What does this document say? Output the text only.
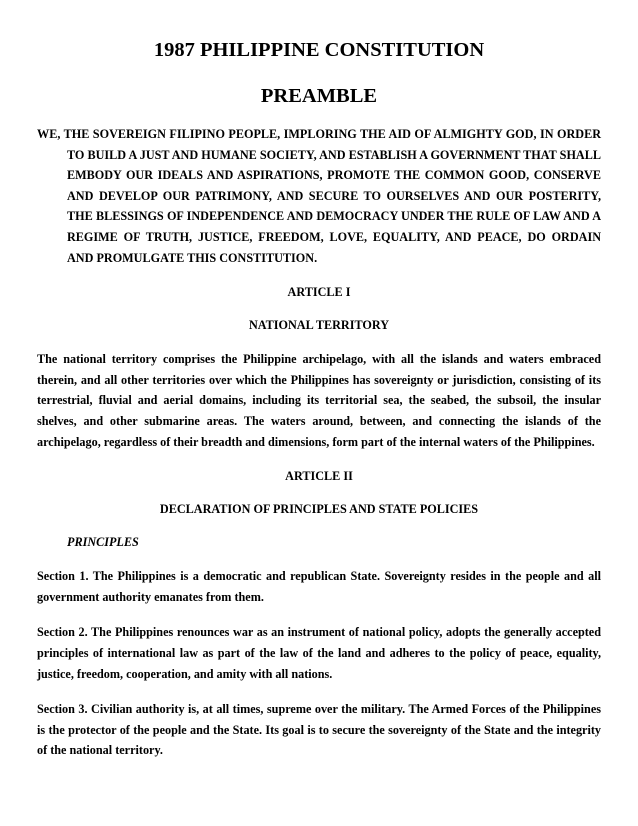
1987 PHILIPPINE CONSTITUTION
PREAMBLE

WE, THE SOVEREIGN FILIPINO PEOPLE, IMPLORING THE AID OF ALMIGHTY GOD, IN ORDER TO BUILD A JUST AND HUMANE SOCIETY, AND ESTABLISH A GOVERNMENT THAT SHALL EMBODY OUR IDEALS AND ASPIRATIONS, PROMOTE THE COMMON GOOD, CONSERVE AND DEVELOP OUR PATRIMONY, AND SECURE TO OURSELVES AND OUR POSTERITY, THE BLESSINGS OF INDEPENDENCE AND DEMOCRACY UNDER THE RULE OF LAW AND A REGIME OF TRUTH, JUSTICE, FREEDOM, LOVE, EQUALITY, AND PEACE, DO ORDAIN AND PROMULGATE THIS CONSTITUTION.

ARTICLE I
NATIONAL TERRITORY

The national territory comprises the Philippine archipelago, with all the islands and waters embraced therein, and all other territories over which the Philippines has sovereignty or jurisdiction, consisting of its terrestrial, fluvial and aerial domains, including its territorial sea, the seabed, the subsoil, the insular shelves, and other submarine areas. The waters around, between, and connecting the islands of the archipelago, regardless of their breadth and dimensions, form part of the internal waters of the Philippines.

ARTICLE II
DECLARATION OF PRINCIPLES AND STATE POLICIES
PRINCIPLES

Section 1. The Philippines is a democratic and republican State. Sovereignty resides in the people and all government authority emanates from them.

Section 2. The Philippines renounces war as an instrument of national policy, adopts the generally accepted principles of international law as part of the law of the land and adheres to the policy of peace, equality, justice, freedom, cooperation, and amity with all nations.

Section 3. Civilian authority is, at all times, supreme over the military. The Armed Forces of the Philippines is the protector of the people and the State. Its goal is to secure the sovereignty of the State and the integrity of the national territory.
